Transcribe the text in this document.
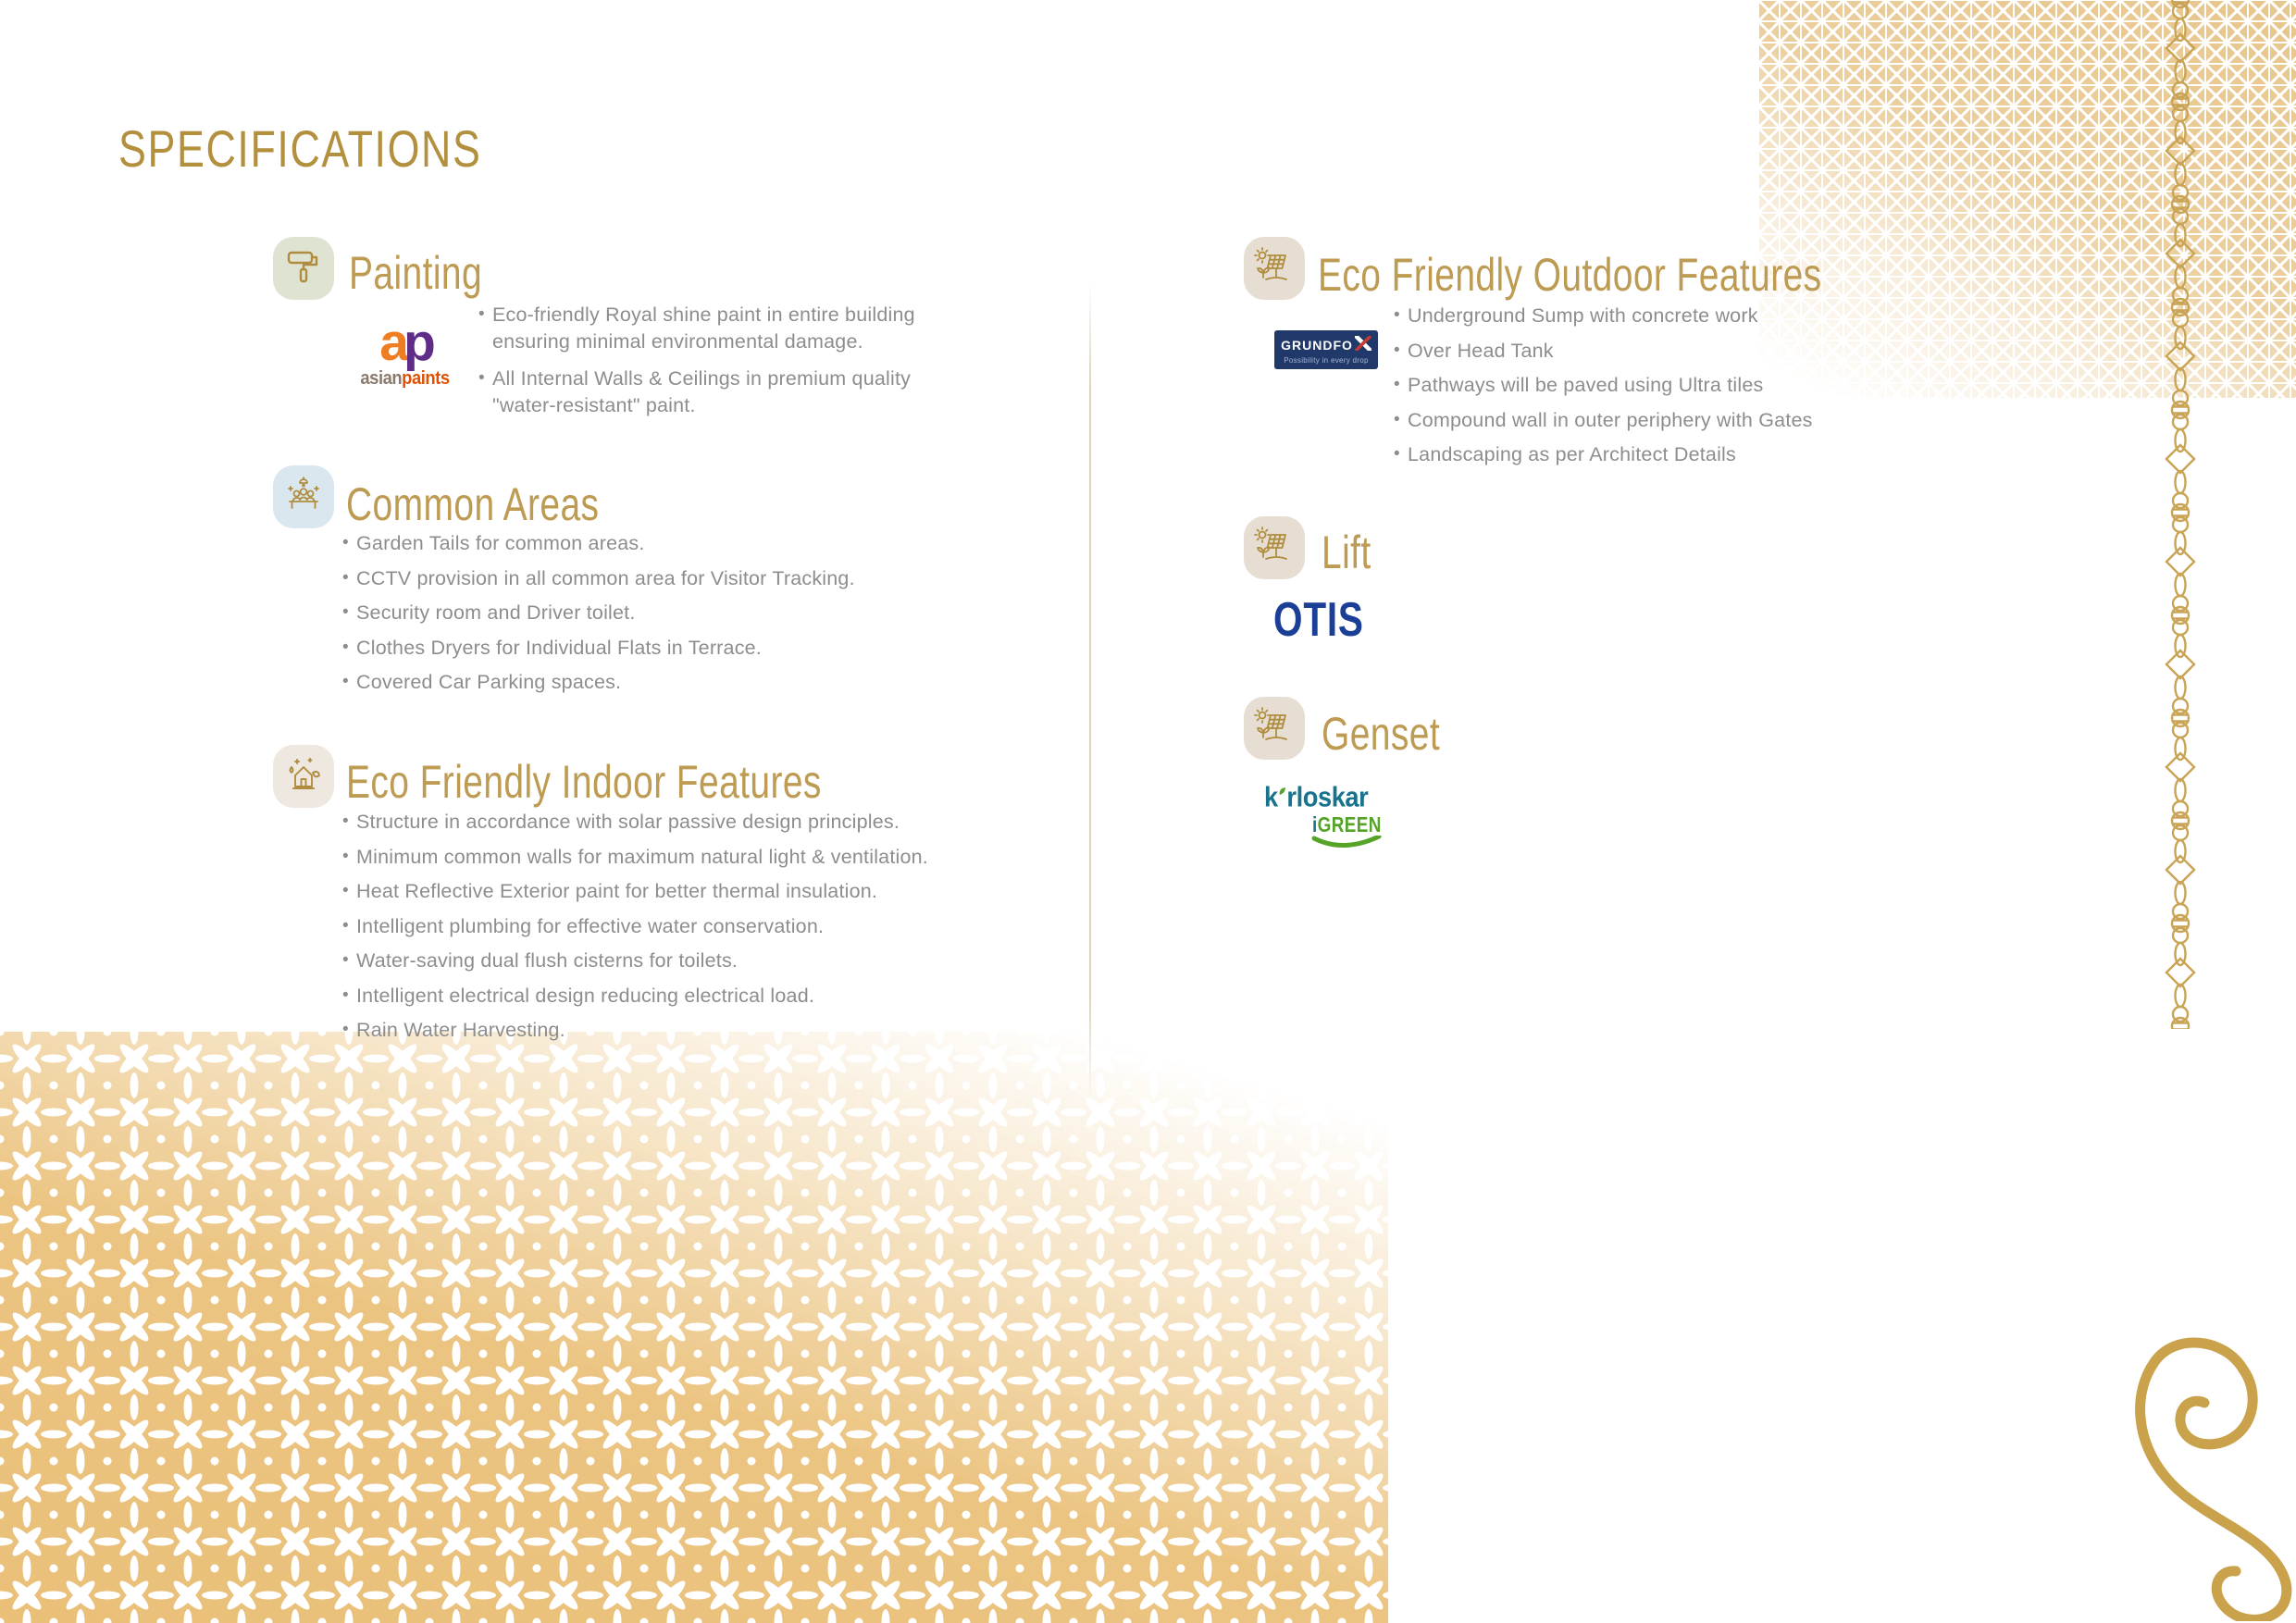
SPECIFICATIONS
Painting
ap
asianpaints
• Eco-friendly Royal shine paint in entire building ensuring minimal environmental damage.
• All Internal Walls & Ceilings in premium quality "water-resistant" paint.
Common Areas
• Garden Tails for common areas.
• CCTV provision in all common area for Visitor Tracking.
• Security room and Driver toilet.
• Clothes Dryers for Individual Flats in Terrace.
• Covered Car Parking spaces.
Eco Friendly Indoor Features
• Structure in accordance with solar passive design principles.
• Minimum common walls for maximum natural light & ventilation.
• Heat Reflective Exterior paint for better thermal insulation.
• Intelligent plumbing for effective water conservation.
• Water-saving dual flush cisterns for toilets.
• Intelligent electrical design reducing electrical load.
• Rain Water Harvesting.
Eco Friendly Outdoor Features
GRUNDFO
Possibility in every drop
• Underground Sump with concrete work
• Over Head Tank
• Pathways will be paved using Ultra tiles
• Compound wall in outer periphery with Gates
• Landscaping as per Architect Details
Lift
OTIS
Genset
k rloskar
iGREEN
